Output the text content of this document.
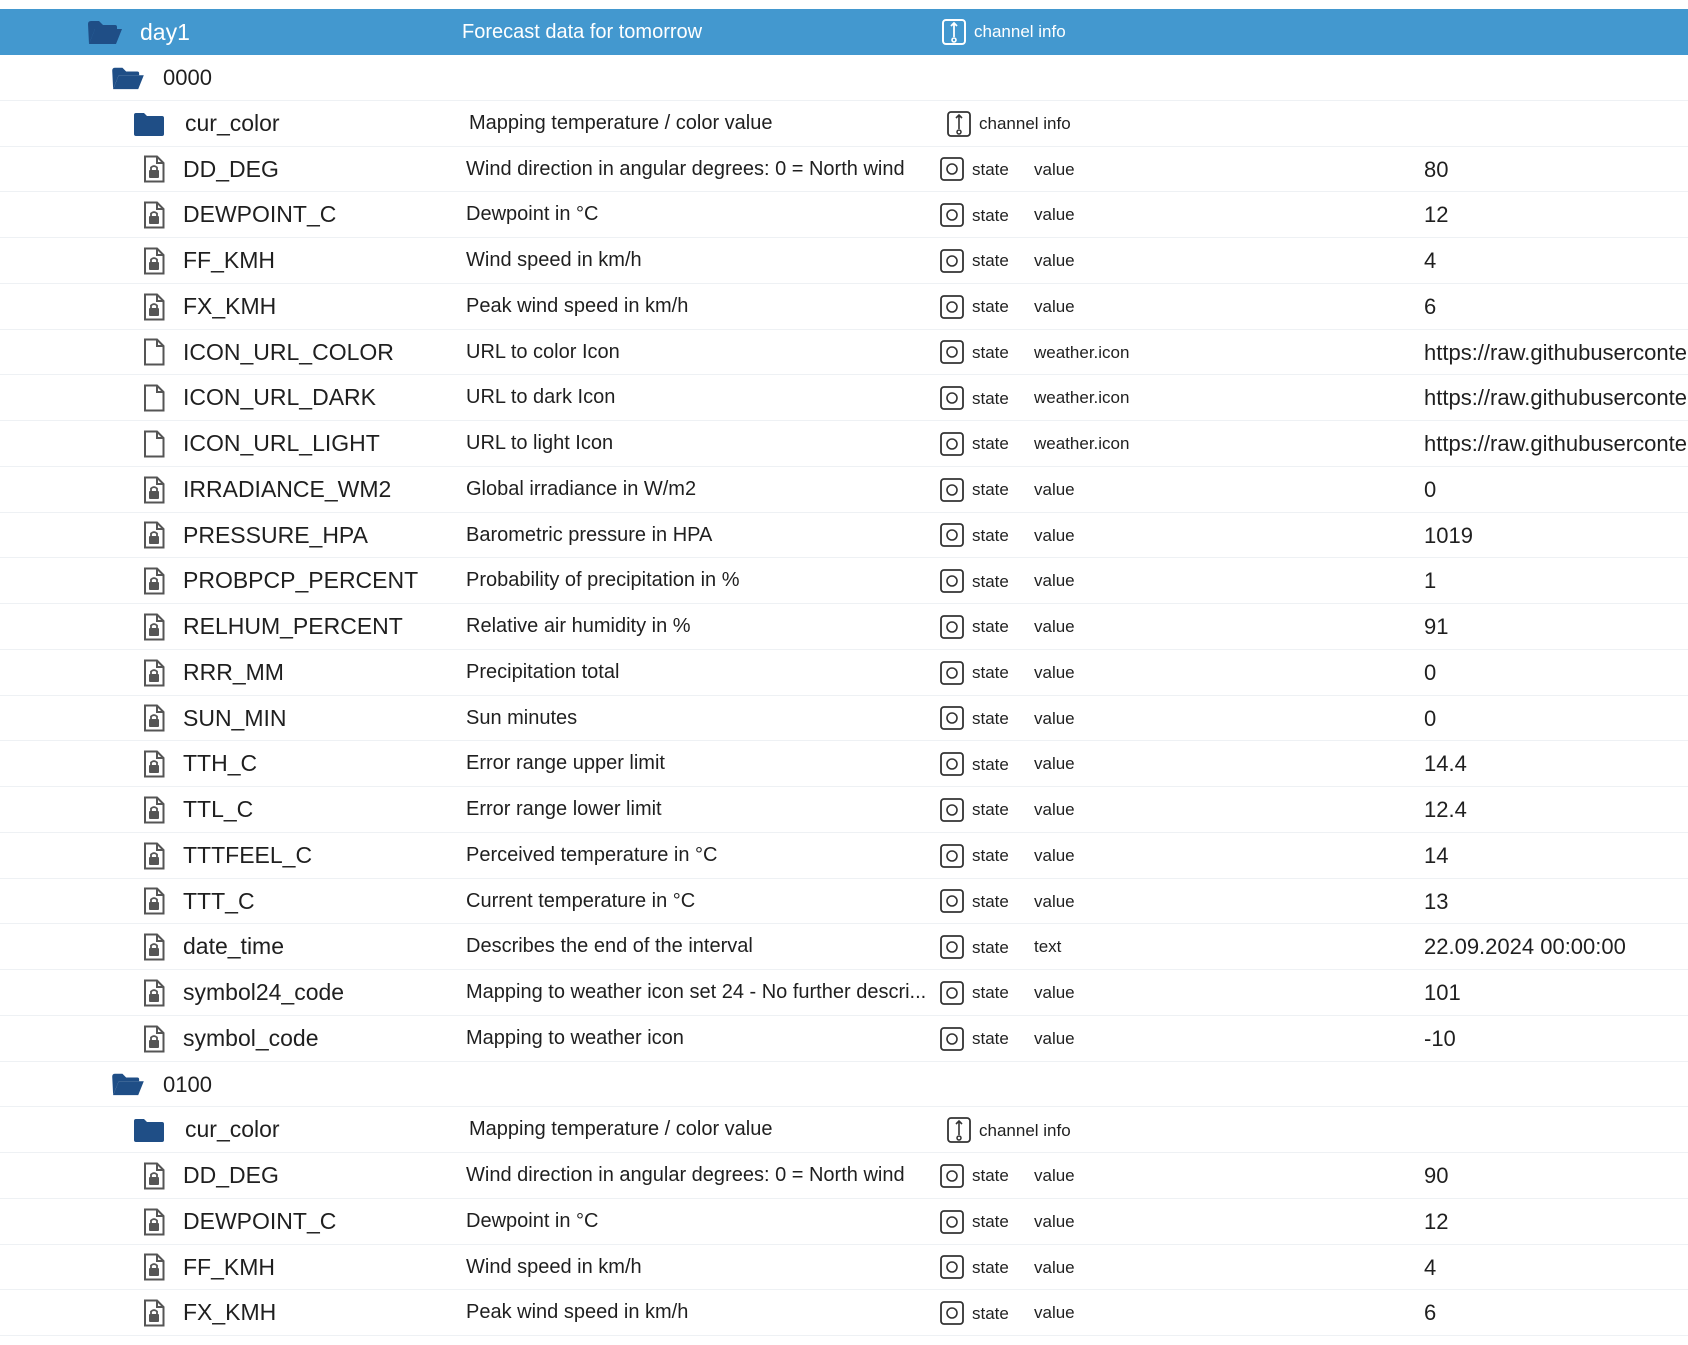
day1	Forecast data for tomorrow	channel info
0000
cur_color	Mapping temperature / color value	channel info
DD_DEG	Wind direction in angular degrees: 0 = North wind	state value	80
DEWPOINT_C	Dewpoint in °C	state value	12
FF_KMH	Wind speed in km/h	state value	4
FX_KMH	Peak wind speed in km/h	state value	6
ICON_URL_COLOR	URL to color Icon	state weather.icon	https://raw.githubuserconte
ICON_URL_DARK	URL to dark Icon	state weather.icon	https://raw.githubuserconte
ICON_URL_LIGHT	URL to light Icon	state weather.icon	https://raw.githubuserconte
IRRADIANCE_WM2	Global irradiance in W/m2	state value	0
PRESSURE_HPA	Barometric pressure in HPA	state value	1019
PROBPCP_PERCENT Probability of precipitation in %	state value	1
RELHUM_PERCENT	Relative air humidity in %	state value	91
RRR_MM	Precipitation total	state value	0
SUN_MIN	Sun minutes	state value	0
TTH_C	Error range upper limit	state value	14.4
TTL_C	Error range lower limit	state value	12.4
TTTFEEL_C	Perceived temperature in °C	state value	14
TTT_C	Current temperature in °C	state value	13
date_time	Describes the end of the interval	state text	22.09.2024 00:00:00
symbol24_code	Mapping to weather icon set 24 - No further descri...	state value	101
symbol_code	Mapping to weather icon	state value	-10
0100
cur_color	Mapping temperature / color value	channel info
DD_DEG	Wind direction in angular degrees: 0 = North wind	state value	90
DEWPOINT_C	Dewpoint in °C	state value	12
FF_KMH	Wind speed in km/h	state value	4
FX_KMH	Peak wind speed in km/h	state value	6
